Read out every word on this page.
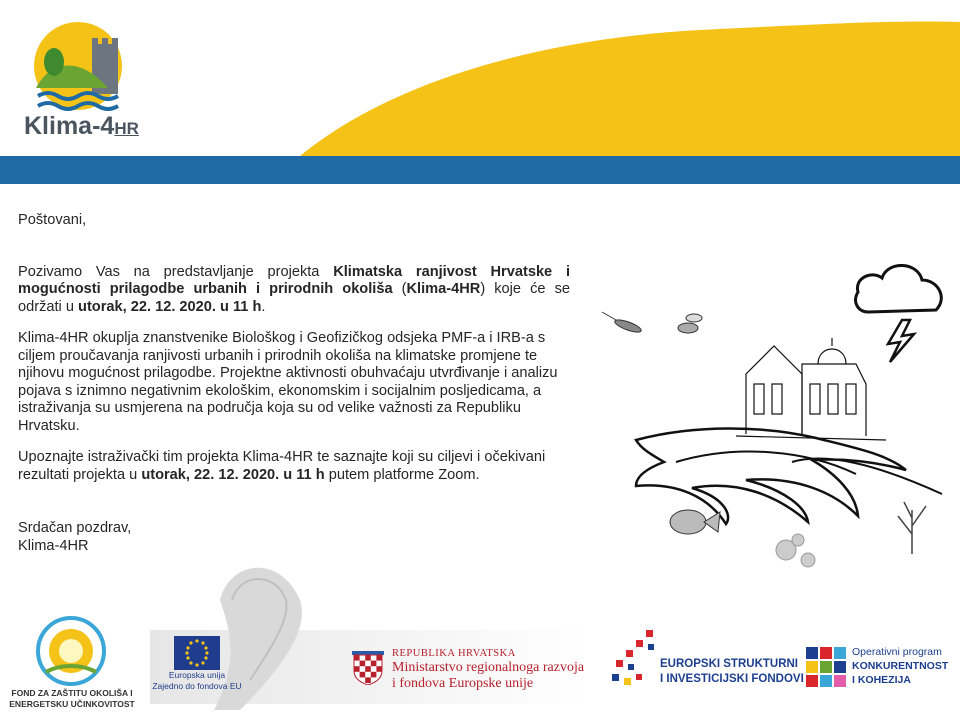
Klima-4HR

Poštovani,

Pozivamo Vas na predstavljanje projekta Klimatska ranjivost Hrvatske i mogućnosti prilagodbe urbanih i prirodnih okoliša (Klima-4HR) koje će se održati u utorak, 22. 12. 2020. u 11 h.

Klima-4HR okuplja znanstvenike Biološkog i Geofizičkog odsjeka PMF-a i IRB-a s ciljem proučavanja ranjivosti urbanih i prirodnih okoliša na klimatske promjene te njihovu mogućnost prilagodbe. Projektne aktivnosti obuhvaćaju utvrđivanje i analizu pojava s iznimno negativnim ekološkim, ekonomskim i socijalnim posljedicama, a istraživanja su usmjerena na područja koja su od velike važnosti za Republiku Hrvatsku.

Upoznajte istraživački tim projekta Klima-4HR te saznajte koji su ciljevi i očekivani rezultati projekta u utorak, 22. 12. 2020. u 11 h putem platforme Zoom.

Srdačan pozdrav,

Klima-4HR

FOND ZA ZAŠTITU OKOLIŠA I
ENERGETSKU UČINKOVITOST
Europska unija
Zajedno do fondova EU
REPUBLIKA HRVATSKA
Ministarstvo regionalnoga razvoja
i fondova Europske unije
EUROPSKI STRUKTURNI
I INVESTICIJSKI FONDOVI
Operativni program
KONKURENTNOST
I KOHEZIJA
